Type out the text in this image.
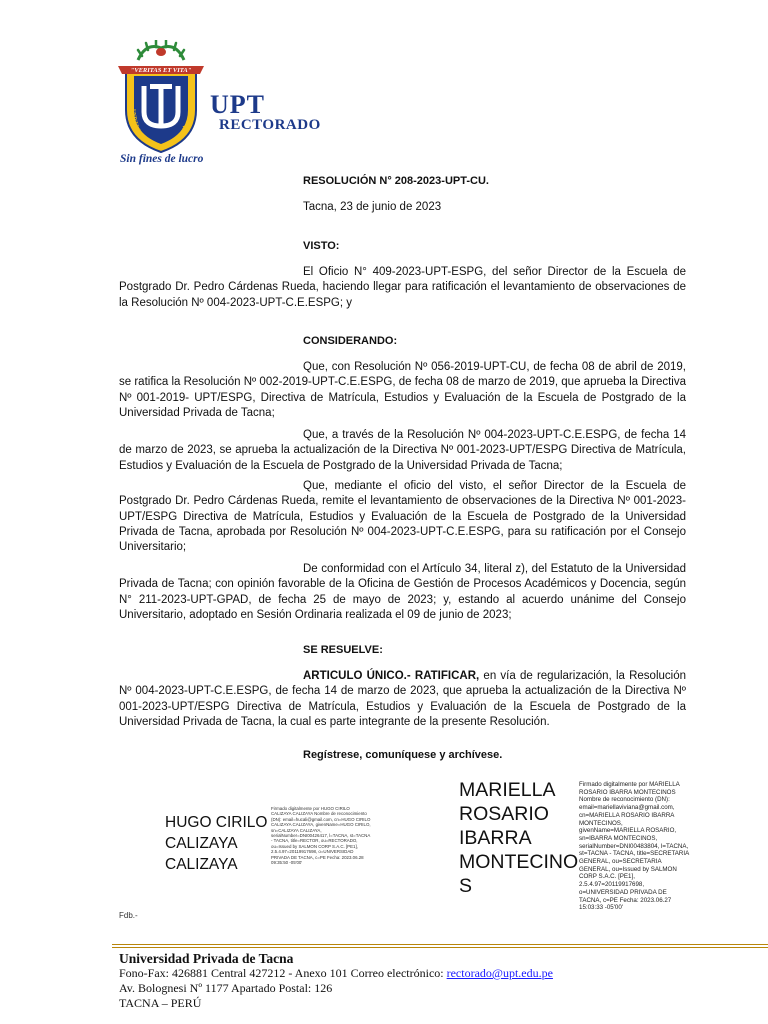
UNIVERSIDAD PRIVADA DE TACNA
"VERITAS ET VITA"
UPT
RECTORADO
Sin fines de lucro
RESOLUCIÓN N° 208-2023-UPT-CU.
Tacna, 23 de junio de 2023
VISTO:
El Oficio N° 409-2023-UPT-ESPG, del señor Director de la Escuela de Postgrado Dr. Pedro Cárdenas Rueda, haciendo llegar para ratificación el levantamiento de observaciones de la Resolución Nº 004-2023-UPT-C.E.ESPG; y
CONSIDERANDO:
Que, con Resolución Nº 056-2019-UPT-CU, de fecha 08 de abril de 2019, se ratifica la Resolución Nº 002-2019-UPT-C.E.ESPG, de fecha 08 de marzo de 2019, que aprueba la Directiva Nº 001-2019- UPT/ESPG, Directiva de Matrícula, Estudios y Evaluación de la Escuela de Postgrado de la Universidad Privada de Tacna;
Que, a través de la Resolución Nº 004-2023-UPT-C.E.ESPG, de fecha 14 de marzo de 2023, se aprueba la actualización de la Directiva Nº 001-2023-UPT/ESPG Directiva de Matrícula, Estudios y Evaluación de la Escuela de Postgrado de la Universidad Privada de Tacna;
Que, mediante el oficio del visto, el señor Director de la Escuela de Postgrado Dr. Pedro Cárdenas Rueda, remite el levantamiento de observaciones de la Directiva Nº 001-2023-UPT/ESPG Directiva de Matrícula, Estudios y Evaluación de la Escuela de Postgrado de la Universidad Privada de Tacna, aprobada por Resolución Nº 004-2023-UPT-C.E.ESPG, para su ratificación por el Consejo Universitario;
De conformidad con el Artículo 34, literal z), del Estatuto de la Universidad Privada de Tacna; con opinión favorable de la Oficina de Gestión de Procesos Académicos y Docencia, según N° 211-2023-UPT-GPAD, de fecha 25 de mayo de 2023; y, estando al acuerdo unánime del Consejo Universitario, adoptado en Sesión Ordinaria realizada el 09 de junio de 2023;
SE RESUELVE:
ARTICULO ÚNICO.- RATIFICAR, en vía de regularización, la Resolución Nº 004-2023-UPT-C.E.ESPG, de fecha 14 de marzo de 2023, que aprueba la actualización de la Directiva Nº 001-2023-UPT/ESPG Directiva de Matrícula, Estudios y Evaluación de la Escuela de Postgrado de la Universidad Privada de Tacna, la cual es parte integrante de la presente Resolución.
Regístrese, comuníquese y archívese.
HUGO CIRILO
CALIZAYA
CALIZAYA
Firmado digitalmente por HUGO CIRILO CALIZAYA CALIZAYA Nombre de reconocimiento (DN): email=hucali@gmail.com, cn=HUGO CIRILO CALIZAYA CALIZAYA, givenName=HUGO CIRILO, sn=CALIZAYA CALIZAYA, serialNumber=DNI00426417, l=TACNA, st=TACNA - TACNA, title=RECTOR, ou=RECTORADO, ou=Issued by SALMON CORP S.A.C. [PE1], 2.5.4.97=20119917698, o=UNIVERSIDAD PRIVADA DE TACNA, c=PE Fecha: 2023.06.28 09:35:50 -05'00'
MARIELLA
ROSARIO
IBARRA
MONTECINO
S
Firmado digitalmente por MARIELLA ROSARIO IBARRA MONTECINOS Nombre de reconocimiento (DN): email=mariellaviviana@gmail.com, cn=MARIELLA ROSARIO IBARRA MONTECINOS, givenName=MARIELLA ROSARIO, sn=IBARRA MONTECINOS, serialNumber=DNI00483804, l=TACNA, st=TACNA - TACNA, title=SECRETARIA GENERAL, ou=SECRETARIA GENERAL, ou=Issued by SALMON CORP S.A.C. [PE1], 2.5.4.97=20119917698, o=UNIVERSIDAD PRIVADA DE TACNA, c=PE Fecha: 2023.06.27 15:03:33 -05'00'
Fdb.-
Universidad Privada de Tacna
Fono-Fax: 426881 Central 427212 - Anexo 101 Correo electrónico: rectorado@upt.edu.pe
Av. Bolognesi Nº 1177 Apartado Postal: 126
TACNA – PERÚ
